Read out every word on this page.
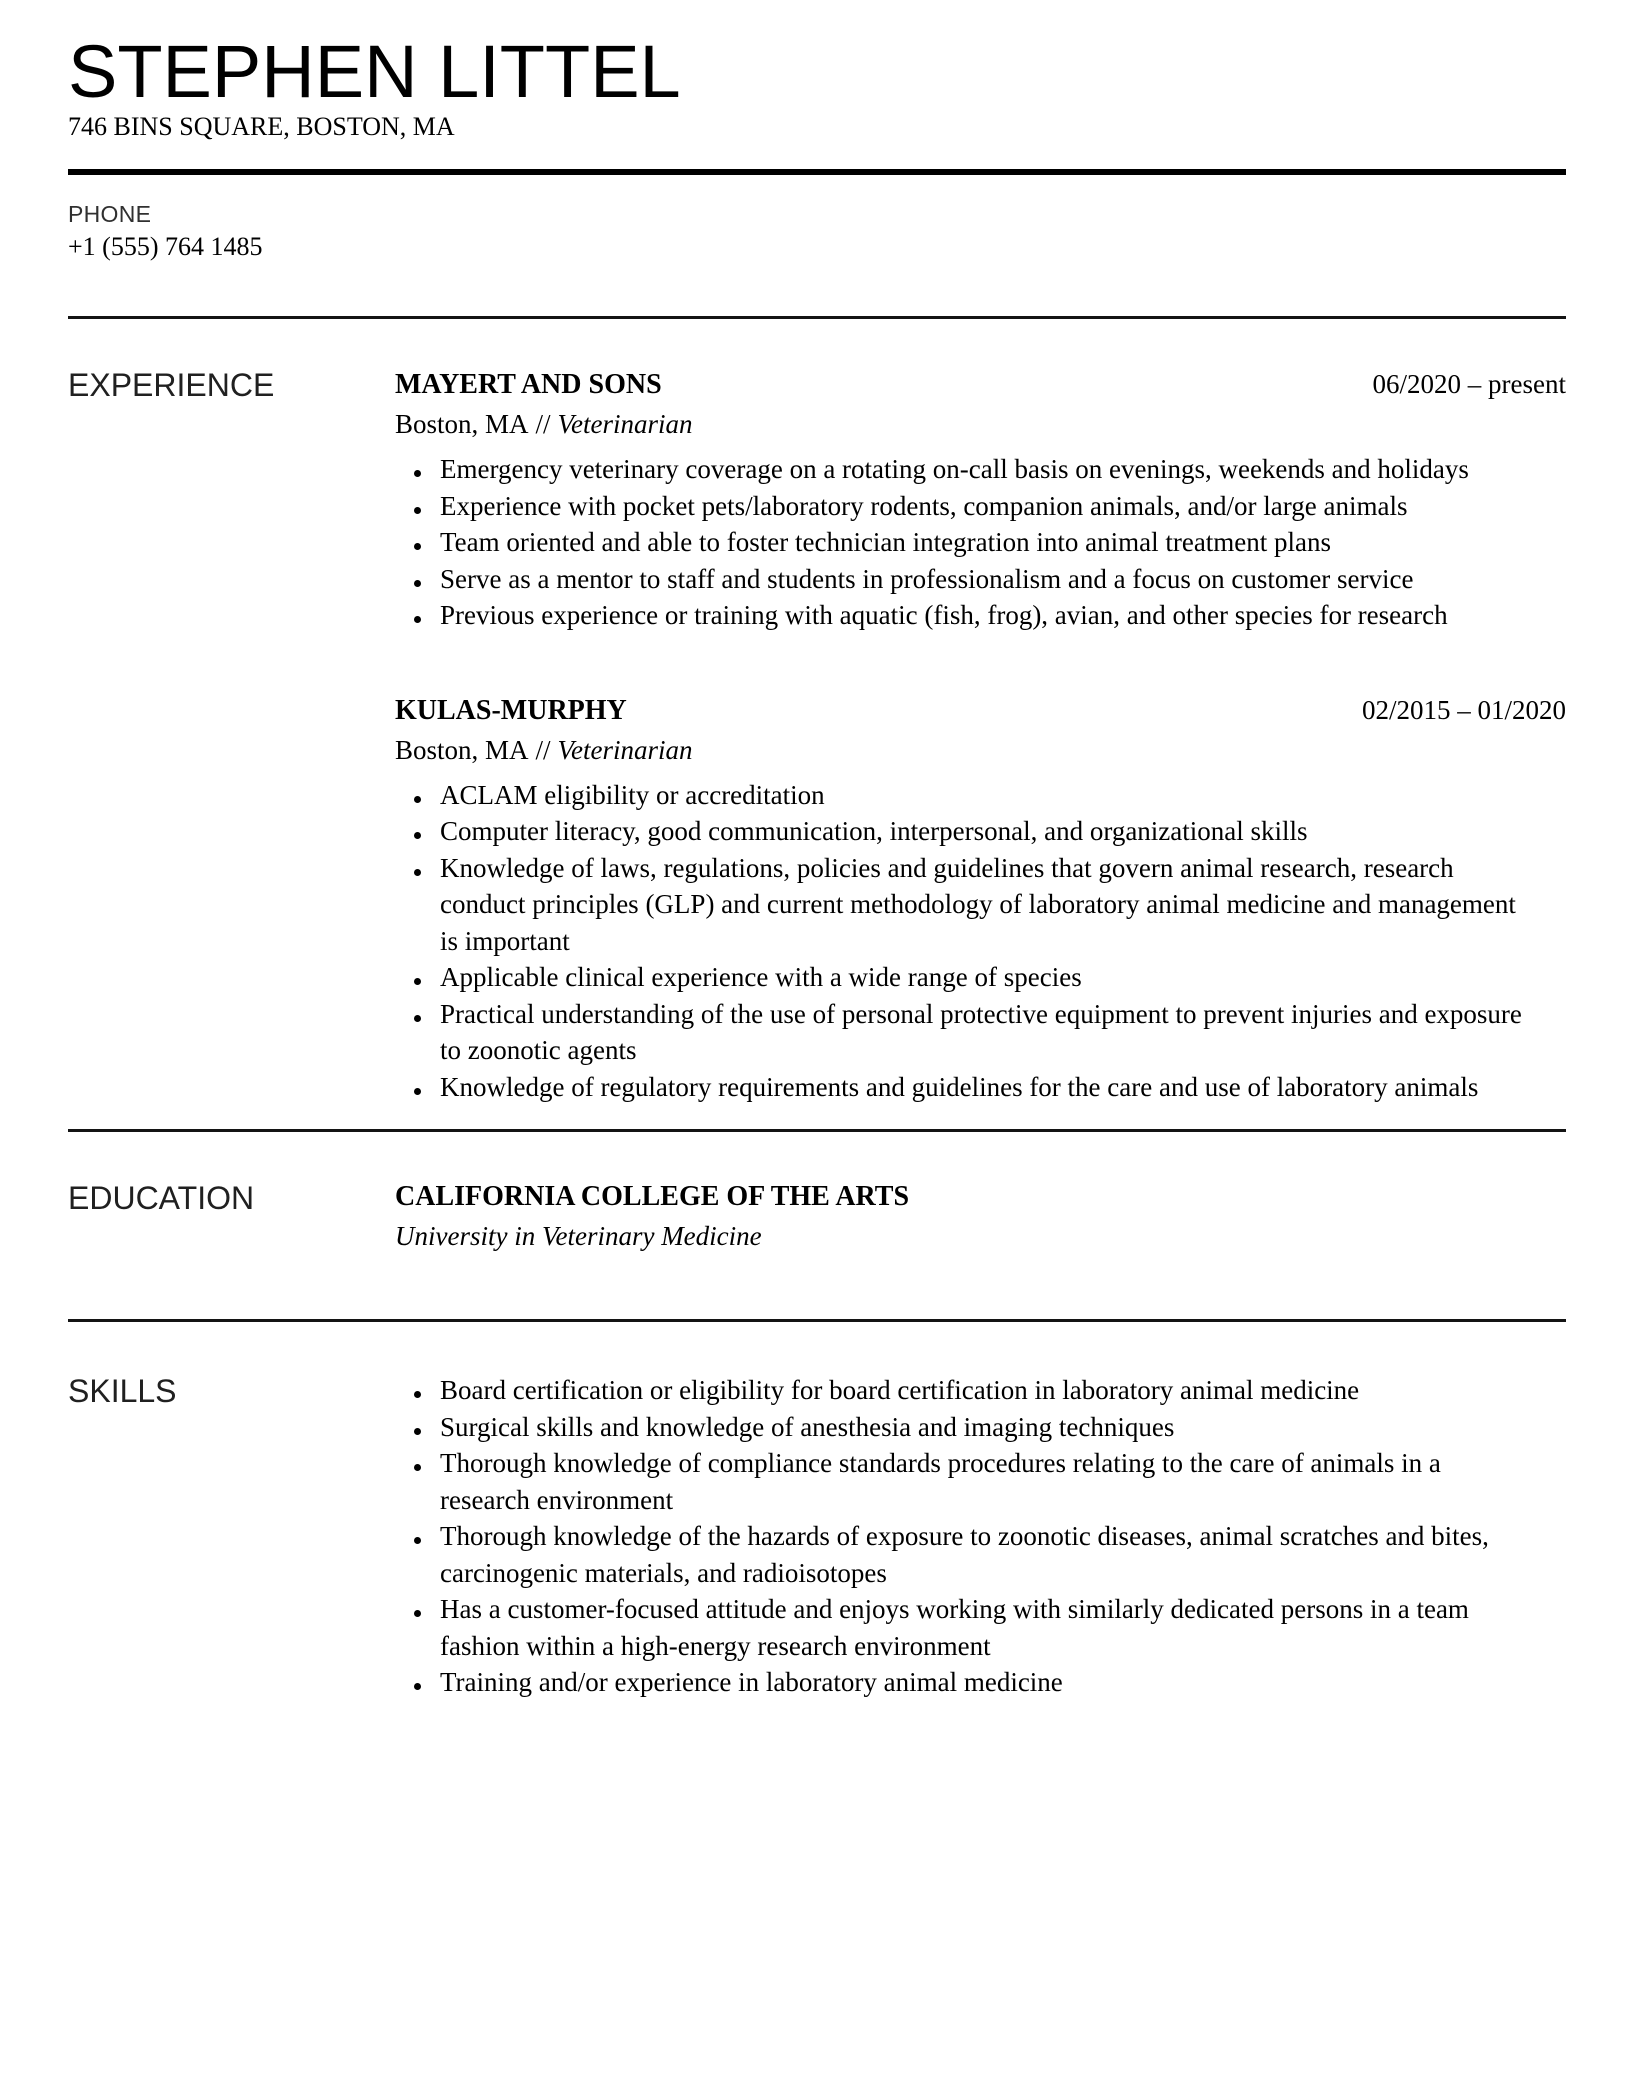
STEPHEN LITTEL
746 BINS SQUARE, BOSTON, MA
PHONE
+1 (555) 764 1485
EXPERIENCE	MAYERT AND SONS	06/2020 – present
Boston, MA // Veterinarian
Emergency veterinary coverage on a rotating on-call basis on evenings, weekends and holidays
Experience with pocket pets/laboratory rodents, companion animals, and/or large animals
Team oriented and able to foster technician integration into animal treatment plans
Serve as a mentor to staff and students in professionalism and a focus on customer service
Previous experience or training with aquatic (fish, frog), avian, and other species for research
KULAS-MURPHY	02/2015 – 01/2020
Boston, MA // Veterinarian
ACLAM eligibility or accreditation
Computer literacy, good communication, interpersonal, and organizational skills
Knowledge of laws, regulations, policies and guidelines that govern animal research, research conduct principles (GLP) and current methodology of laboratory animal medicine and management is important
Applicable clinical experience with a wide range of species
Practical understanding of the use of personal protective equipment to prevent injuries and exposure to zoonotic agents
Knowledge of regulatory requirements and guidelines for the care and use of laboratory animals
EDUCATION	CALIFORNIA COLLEGE OF THE ARTS
University in Veterinary Medicine
SKILLS	Board certification or eligibility for board certification in laboratory animal medicine
Surgical skills and knowledge of anesthesia and imaging techniques
Thorough knowledge of compliance standards procedures relating to the care of animals in a research environment
Thorough knowledge of the hazards of exposure to zoonotic diseases, animal scratches and bites, carcinogenic materials, and radioisotopes
Has a customer-focused attitude and enjoys working with similarly dedicated persons in a team fashion within a high-energy research environment
Training and/or experience in laboratory animal medicine
